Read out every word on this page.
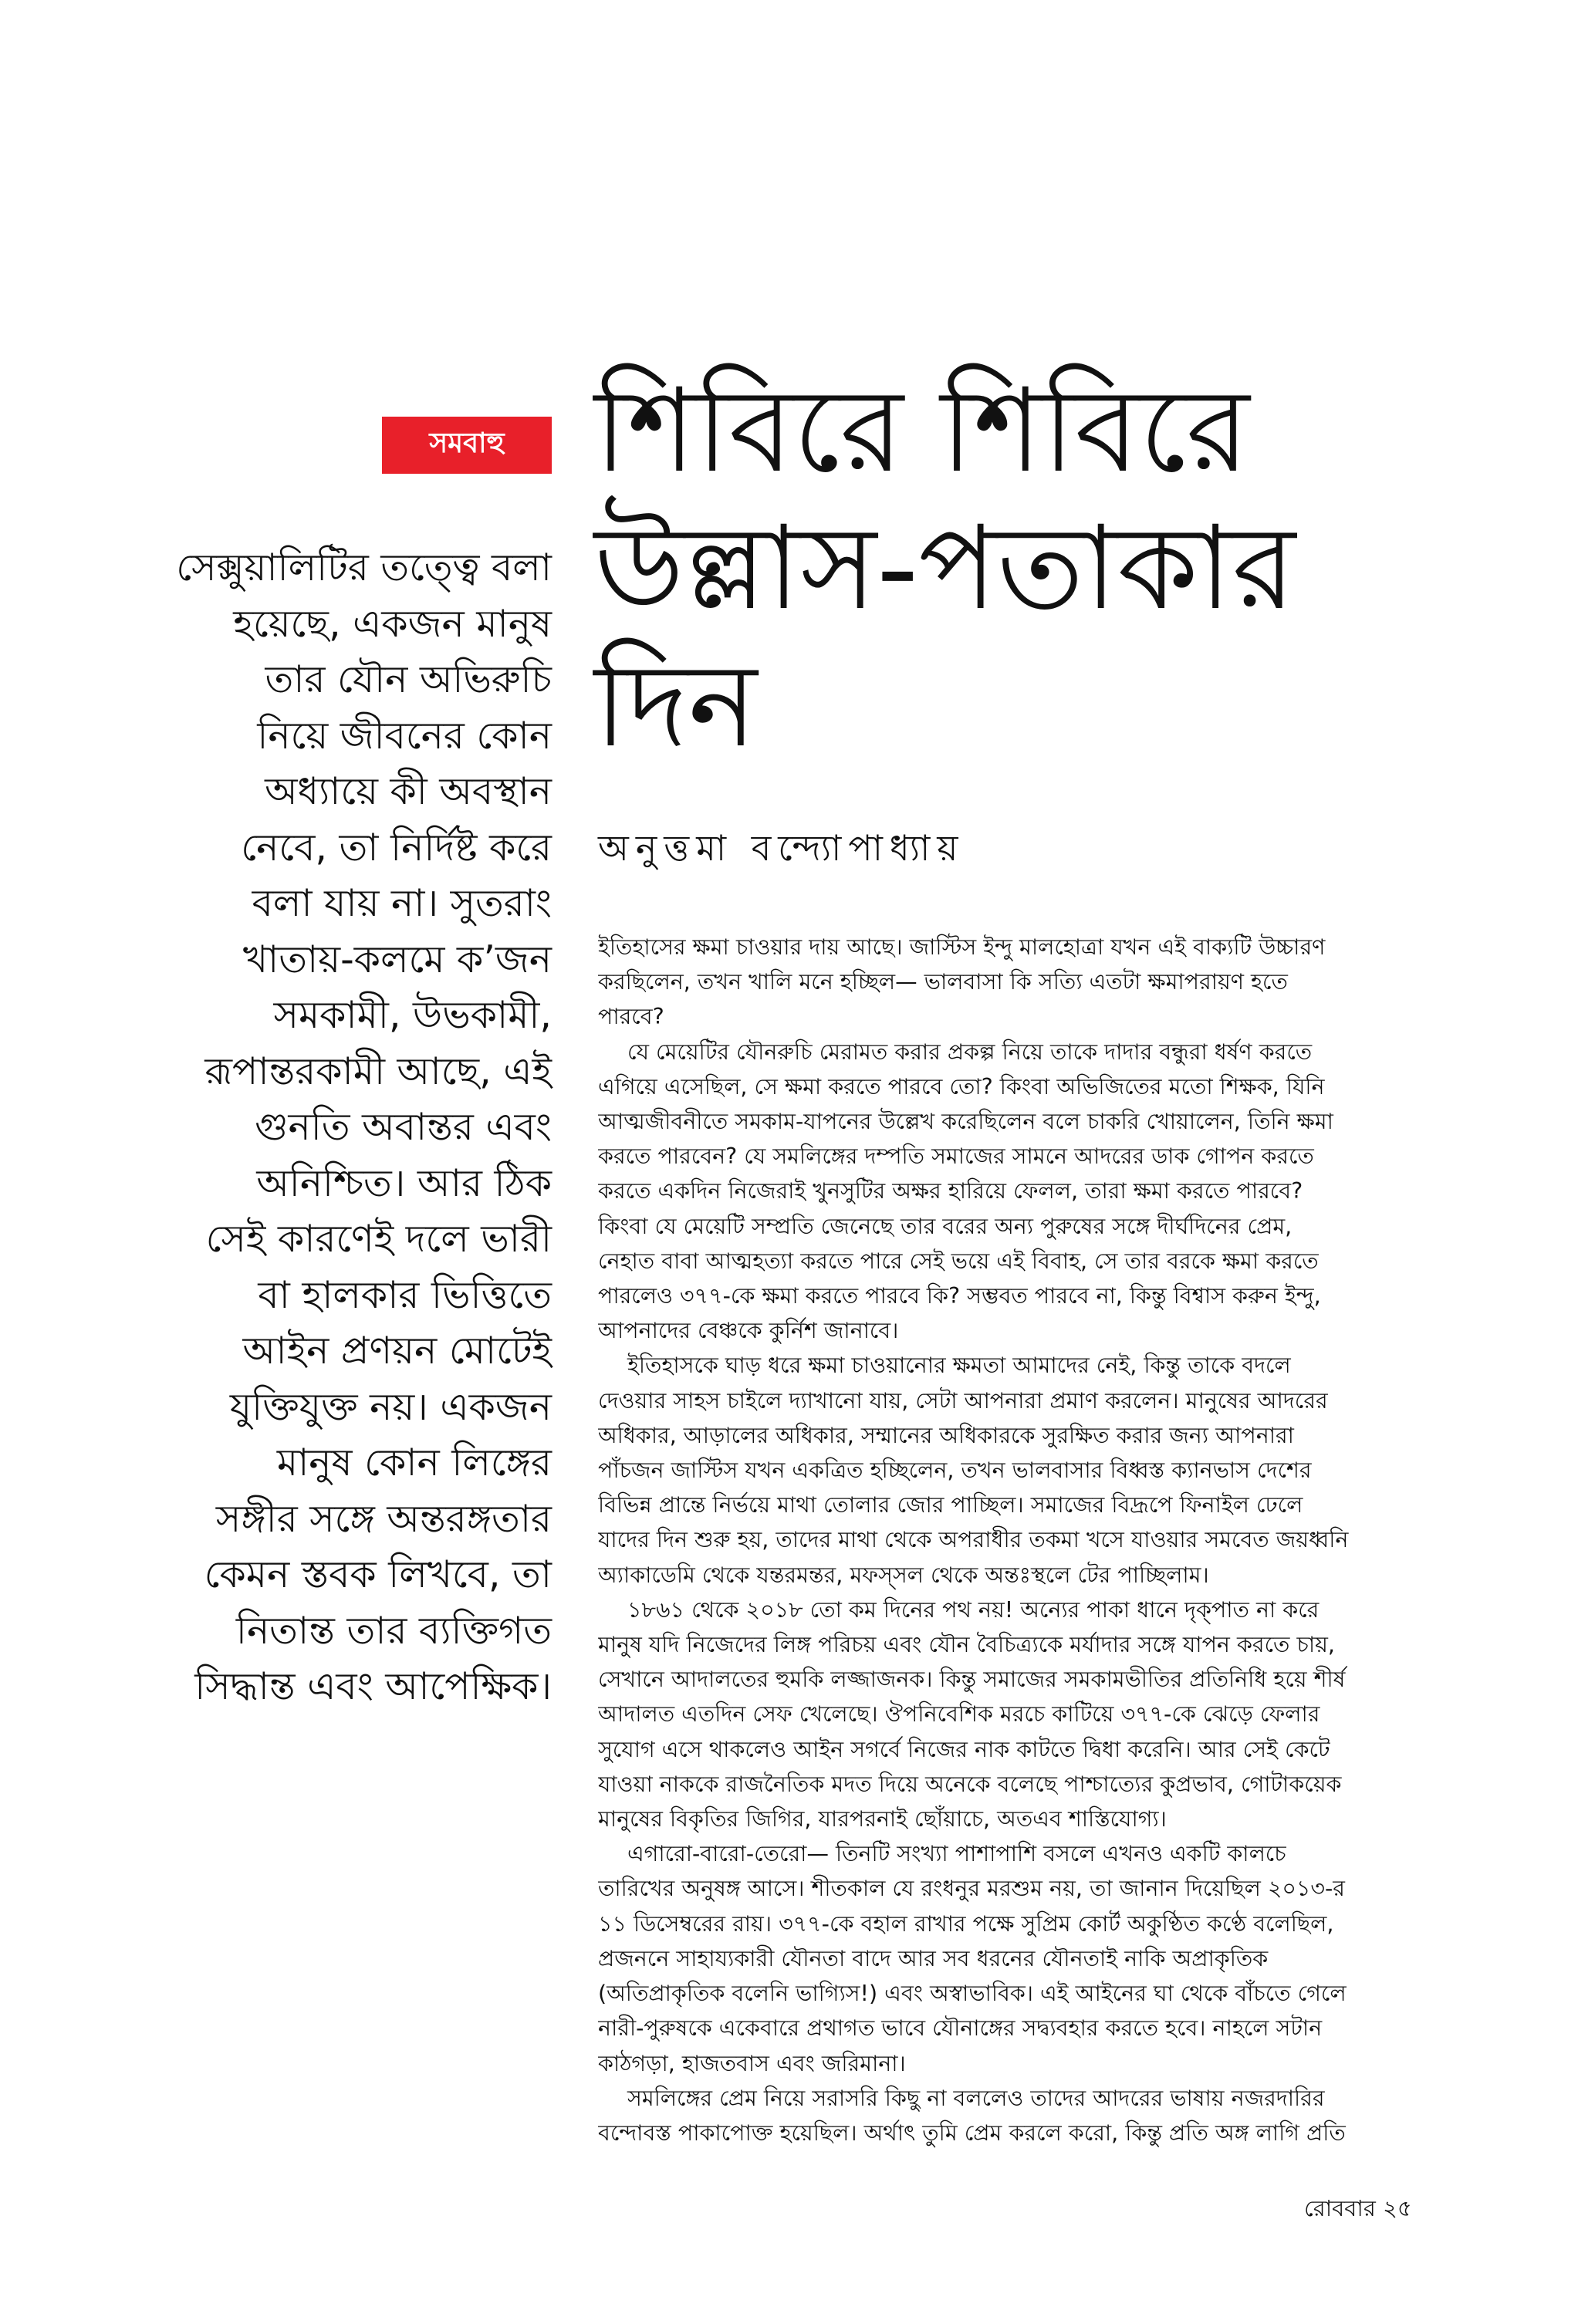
সমবাহু শিবিরে শিবিরে
উল্লাস-পতাকার
দিন
অনুত্তমা বন্দ্যোপাধ্যায়
সেক্সুয়ালিটির তত্ত্বে বলা
হয়েছে, একজন মানুষ
তার যৌন অভিরুচি
নিয়ে জীবনের কোন
অধ্যায়ে কী অবস্থান
নেবে, তা নির্দিষ্ট করে
বলা যায় না। সুতরাং
খাতায়-কলমে ক’জন
সমকামী, উভকামী,
রূপান্তরকামী আছে, এই
গুনতি অবান্তর এবং
অনিশ্চিত। আর ঠিক
সেই কারণেই দলে ভারী
বা হালকার ভিত্তিতে
আইন প্রণয়ন মোটেই
যুক্তিযুক্ত নয়। একজন
মানুষ কোন লিঙ্গের
সঙ্গীর সঙ্গে অন্তরঙ্গতার
কেমন স্তবক লিখবে, তা
নিতান্ত তার ব্যক্তিগত
সিদ্ধান্ত এবং আপেক্ষিক।

ইতিহাসের ক্ষমা চাওয়ার দায় আছে। জাস্টিস ইন্দু মালহোত্রা যখন এই বাক্যটি উচ্চারণ
করছিলেন, তখন খালি মনে হচ্ছিল— ভালবাসা কি সত্যি এতটা ক্ষমাপরায়ণ হতে
পারবে?

যে মেয়েটির যৌনরুচি মেরামত করার প্রকল্প নিয়ে তাকে দাদার বন্ধুরা ধর্ষণ করতে
এগিয়ে এসেছিল, সে ক্ষমা করতে পারবে তো? কিংবা অভিজিতের মতো শিক্ষক, যিনি
আত্মজীবনীতে সমকাম-যাপনের উল্লেখ করেছিলেন বলে চাকরি খোয়ালেন, তিনি ক্ষমা
করতে পারবেন? যে সমলিঙ্গের দম্পতি সমাজের সামনে আদরের ডাক গোপন করতে
করতে একদিন নিজেরাই খুনসুটির অক্ষর হারিয়ে ফেলল, তারা ক্ষমা করতে পারবে?
কিংবা যে মেয়েটি সম্প্রতি জেনেছে তার বরের অন্য পুরুষের সঙ্গে দীর্ঘদিনের প্রেম,
নেহাত বাবা আত্মহত্যা করতে পারে সেই ভয়ে এই বিবাহ, সে তার বরকে ক্ষমা করতে
পারলেও ৩৭৭-কে ক্ষমা করতে পারবে কি? সম্ভবত পারবে না, কিন্তু বিশ্বাস করুন ইন্দু,
আপনাদের বেঞ্চকে কুর্নিশ জানাবে।

ইতিহাসকে ঘাড় ধরে ক্ষমা চাওয়ানোর ক্ষমতা আমাদের নেই, কিন্তু তাকে বদলে
দেওয়ার সাহস চাইলে দ্যাখানো যায়, সেটা আপনারা প্রমাণ করলেন। মানুষের আদরের
অধিকার, আড়ালের অধিকার, সম্মানের অধিকারকে সুরক্ষিত করার জন্য আপনারা
পাঁচজন জাস্টিস যখন একত্রিত হচ্ছিলেন, তখন ভালবাসার বিধ্বস্ত ক্যানভাস দেশের
বিভিন্ন প্রান্তে নির্ভয়ে মাথা তোলার জোর পাচ্ছিল। সমাজের বিদ্রূপে ফিনাইল ঢেলে
যাদের দিন শুরু হয়, তাদের মাথা থেকে অপরাধীর তকমা খসে যাওয়ার সমবেত জয়ধ্বনি
অ্যাকাডেমি থেকে যন্তরমন্তর, মফস্সল থেকে অন্তঃস্থলে টের পাচ্ছিলাম।

১৮৬১ থেকে ২০১৮ তো কম দিনের পথ নয়! অন্যের পাকা ধানে দৃক্‌পাত না করে
মানুষ যদি নিজেদের লিঙ্গ পরিচয় এবং যৌন বৈচিত্র্যকে মর্যাদার সঙ্গে যাপন করতে চায়,
সেখানে আদালতের হুমকি লজ্জাজনক। কিন্তু সমাজের সমকামভীতির প্রতিনিধি হয়ে শীর্ষ
আদালত এতদিন সেফ খেলেছে। ঔপনিবেশিক মরচে কাটিয়ে ৩৭৭-কে ঝেড়ে ফেলার
সুযোগ এসে থাকলেও আইন সগর্বে নিজের নাক কাটতে দ্বিধা করেনি। আর সেই কেটে
যাওয়া নাককে রাজনৈতিক মদত দিয়ে অনেকে বলেছে পাশ্চাত্যের কুপ্রভাব, গোটাকয়েক
মানুষের বিকৃতির জিগির, যারপরনাই ছোঁয়াচে, অতএব শাস্তিযোগ্য।

এগারো-বারো-তেরো— তিনটি সংখ্যা পাশাপাশি বসলে এখনও একটি কালচে
তারিখের অনুষঙ্গ আসে। শীতকাল যে রংধনুর মরশুম নয়, তা জানান দিয়েছিল ২০১৩-র
১১ ডিসেম্বরের রায়। ৩৭৭-কে বহাল রাখার পক্ষে সুপ্রিম কোর্ট অকুণ্ঠিত কণ্ঠে বলেছিল,
প্রজননে সাহায্যকারী যৌনতা বাদে আর সব ধরনের যৌনতাই নাকি অপ্রাকৃতিক
(অতিপ্রাকৃতিক বলেনি ভাগ্যিস!) এবং অস্বাভাবিক। এই আইনের ঘা থেকে বাঁচতে গেলে
নারী-পুরুষকে একেবারে প্রথাগত ভাবে যৌনাঙ্গের সদ্ব্যবহার করতে হবে। নাহলে সটান
কাঠগড়া, হাজতবাস এবং জরিমানা।

সমলিঙ্গের প্রেম নিয়ে সরাসরি কিছু না বললেও তাদের আদরের ভাষায় নজরদারির
বন্দোবস্ত পাকাপোক্ত হয়েছিল। অর্থাৎ তুমি প্রেম করলে করো, কিন্তু প্রতি অঙ্গ লাগি প্রতি

রোববার ২৫
